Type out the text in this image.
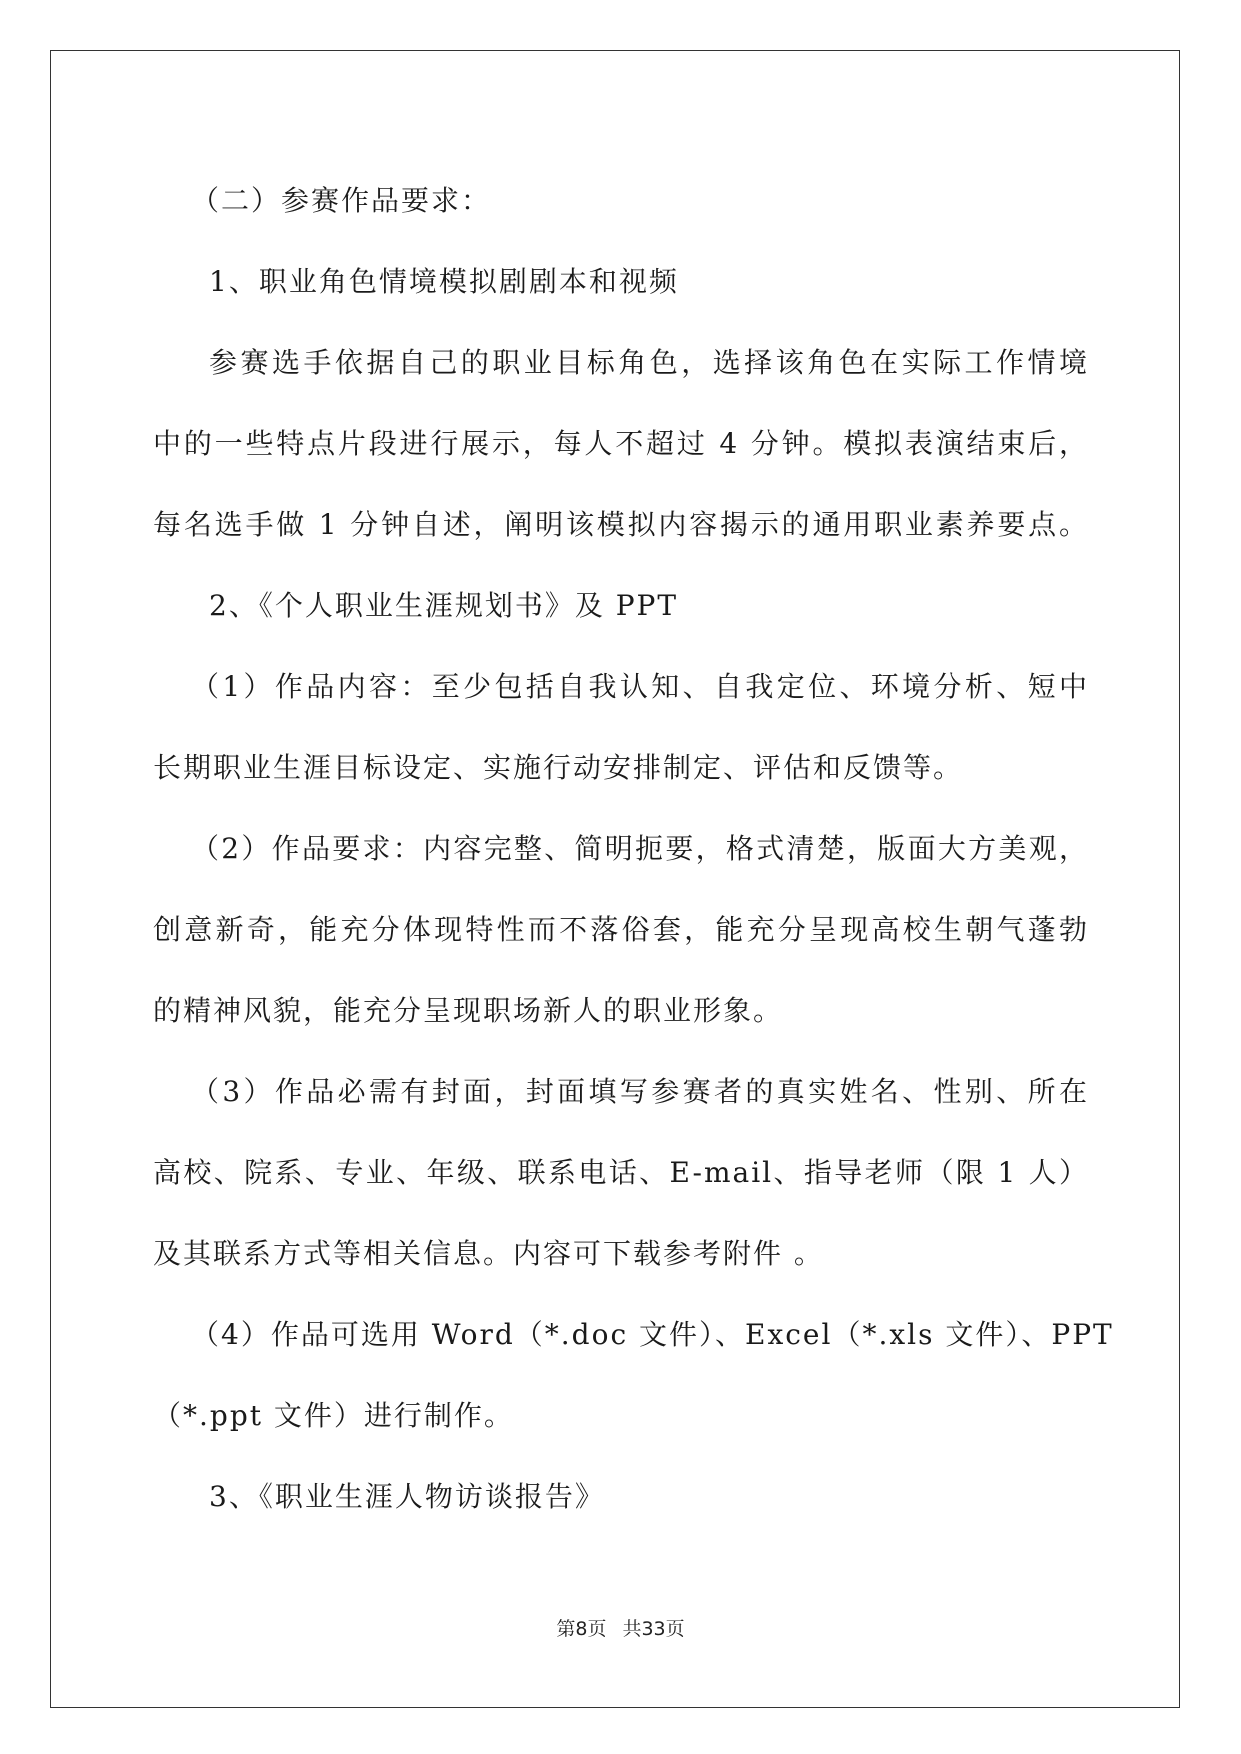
（二）参赛作品要求：
1、职业角色情境模拟剧剧本和视频
参赛选手依据自己的职业目标角色，选择该角色在实际工作情境
中的一些特点片段进行展示，每人不超过 4 分钟。模拟表演结束后，
每名选手做 1 分钟自述，阐明该模拟内容揭示的通用职业素养要点。
2、《个人职业生涯规划书》及 PPT
（1）作品内容：至少包括自我认知、自我定位、环境分析、短中
长期职业生涯目标设定、实施行动安排制定、评估和反馈等。
（2）作品要求：内容完整、简明扼要，格式清楚，版面大方美观，
创意新奇，能充分体现特性而不落俗套，能充分呈现高校生朝气蓬勃
的精神风貌，能充分呈现职场新人的职业形象。
（3）作品必需有封面，封面填写参赛者的真实姓名、性别、所在
高校、院系、专业、年级、联系电话、E-mail、指导老师（限 1 人）
及其联系方式等相关信息。内容可下载参考附件 。
（4）作品可选用 Word（*.doc 文件）、Excel（*.xls 文件）、PPT
（*.ppt 文件）进行制作。
3、《职业生涯人物访谈报告》
第8页 共33页
